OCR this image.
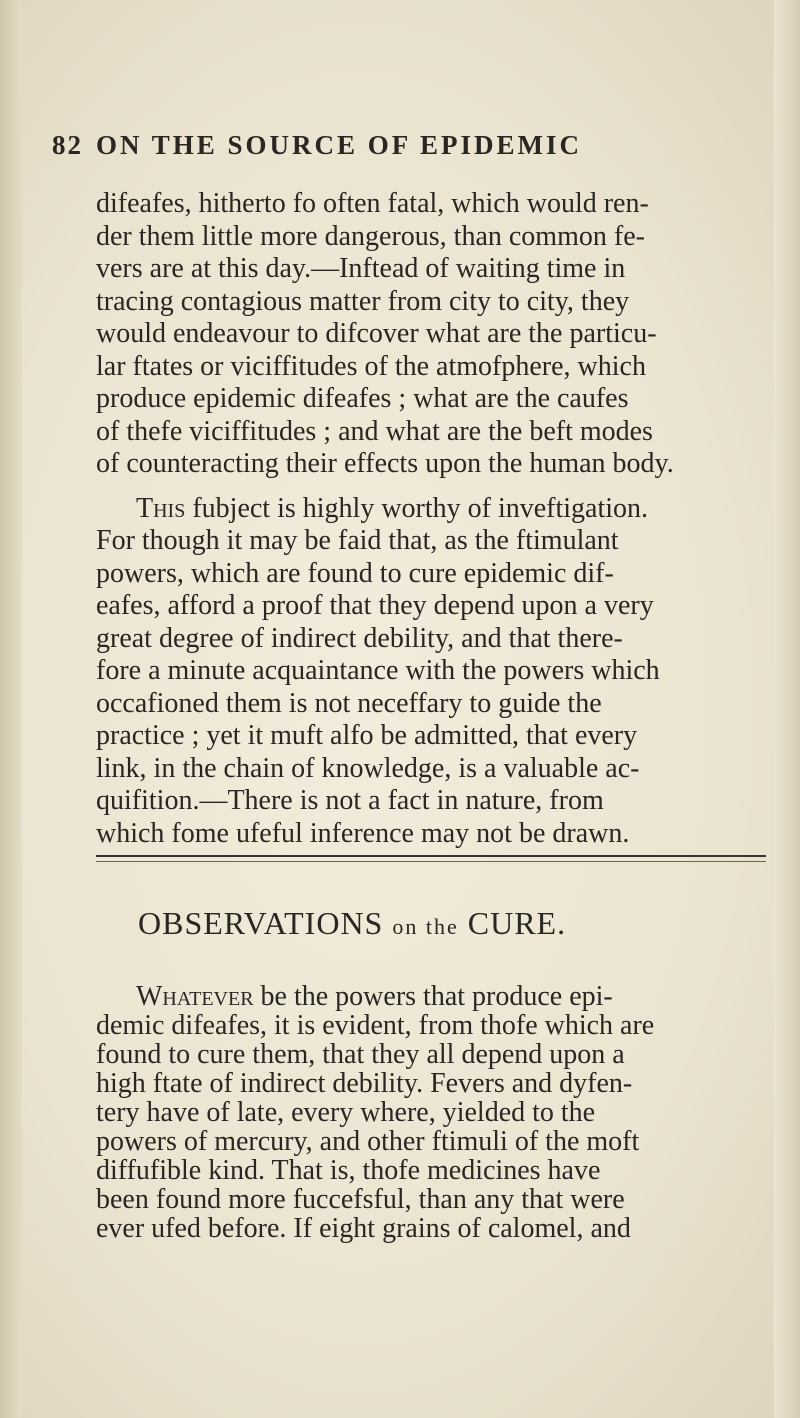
82 ON THE SOURCE OF EPIDEMIC
difeafes, hitherto fo often fatal, which would ren-
der them little more dangerous, than common fe-
vers are at this day.—Inftead of waiting time in
tracing contagious matter from city to city, they
would endeavour to difcover what are the particu-
lar ftates or viciffitudes of the atmofphere, which
produce epidemic difeafes ; what are the caufes
of thefe viciffitudes ; and what are the beft modes
of counteracting their effects upon the human body.
This fubject is highly worthy of inveftigation.
For though it may be faid that, as the ftimulant
powers, which are found to cure epidemic dif-
eafes, afford a proof that they depend upon a very
great degree of indirect debility, and that there-
fore a minute acquaintance with the powers which
occafioned them is not neceffary to guide the
practice ; yet it muft alfo be admitted, that every
link, in the chain of knowledge, is a valuable ac-
quifition.—There is not a fact in nature, from
which fome ufeful inference may not be drawn.
OBSERVATIONS on the CURE.
Whatever be the powers that produce epi-
demic difeafes, it is evident, from thofe which are
found to cure them, that they all depend upon a
high ftate of indirect debility. Fevers and dyfen-
tery have of late, every where, yielded to the
powers of mercury, and other ftimuli of the moft
diffufible kind. That is, thofe medicines have
been found more fuccefsful, than any that were
ever ufed before. If eight grains of calomel, and
